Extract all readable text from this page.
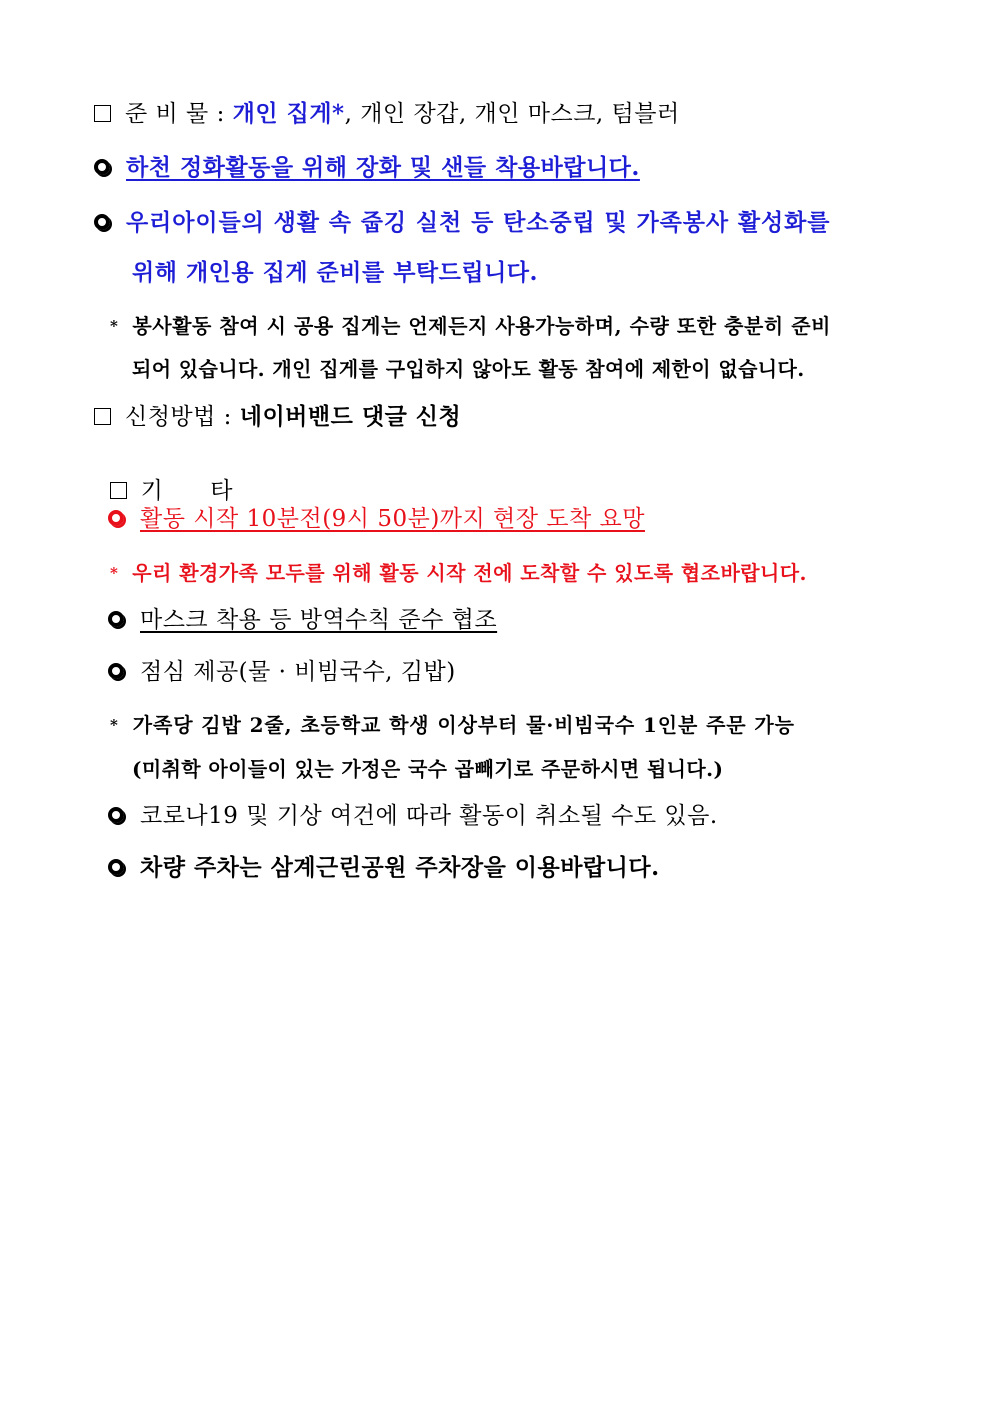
준 비 물 : 개인 집게*, 개인 장갑, 개인 마스크, 텀블러
하천 정화활동을 위해 장화 및 샌들 착용바랍니다.
우리아이들의 생활 속 줍깅 실천 등 탄소중립 및 가족봉사 활성화를
위해 개인용 집게 준비를 부탁드립니다.
* 봉사활동 참여 시 공용 집게는 언제든지 사용가능하며, 수량 또한 충분히 준비
되어 있습니다. 개인 집게를 구입하지 않아도 활동 참여에 제한이 없습니다.
신청방법 : 네이버밴드 댓글 신청

기      타

활동 시작 10분전(9시 50분)까지 현장 도착 요망
* 우리 환경가족 모두를 위해 활동 시작 전에 도착할 수 있도록 협조바랍니다.
마스크 착용 등 방역수칙 준수 협조
점심 제공(물 · 비빔국수, 김밥)
* 가족당 김밥 2줄, 초등학교 학생 이상부터 물·비빔국수 1인분 주문 가능
(미취학 아이들이 있는 가정은 국수 곱빼기로 주문하시면 됩니다.)
코로나19 및 기상 여건에 따라 활동이 취소될 수도 있음.
차량 주차는 삼계근린공원 주차장을 이용바랍니다.
